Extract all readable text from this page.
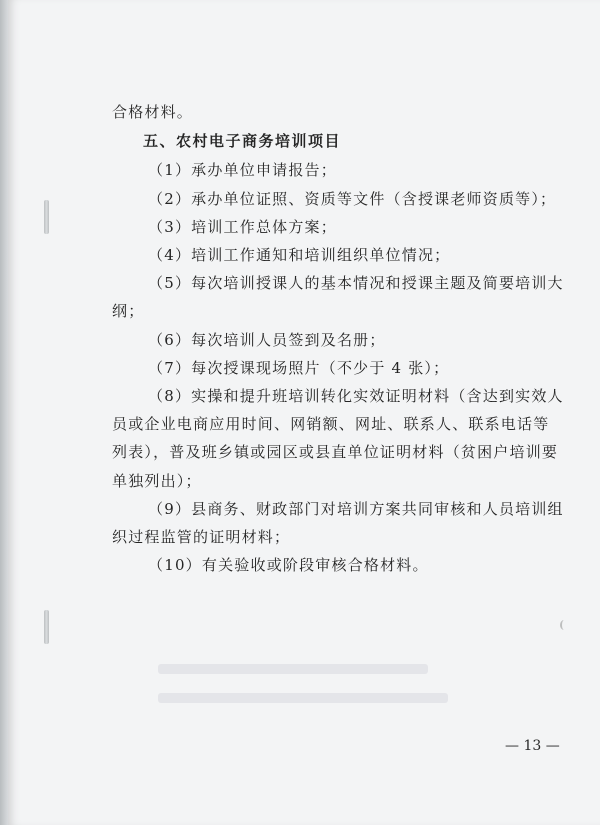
合格材料。
五、农村电子商务培训项目
（1）承办单位申请报告；
（2）承办单位证照、资质等文件（含授课老师资质等）；
（3）培训工作总体方案；
（4）培训工作通知和培训组织单位情况；
（5）每次培训授课人的基本情况和授课主题及简要培训大
纲；
（6）每次培训人员签到及名册；
（7）每次授课现场照片（不少于 4 张）；
（8）实操和提升班培训转化实效证明材料（含达到实效人
员或企业电商应用时间、网销额、网址、联系人、联系电话等
列表），普及班乡镇或园区或县直单位证明材料（贫困户培训要
单独列出）；
（9）县商务、财政部门对培训方案共同审核和人员培训组
织过程监管的证明材料；
（10）有关验收或阶段审核合格材料。
— 13 —
